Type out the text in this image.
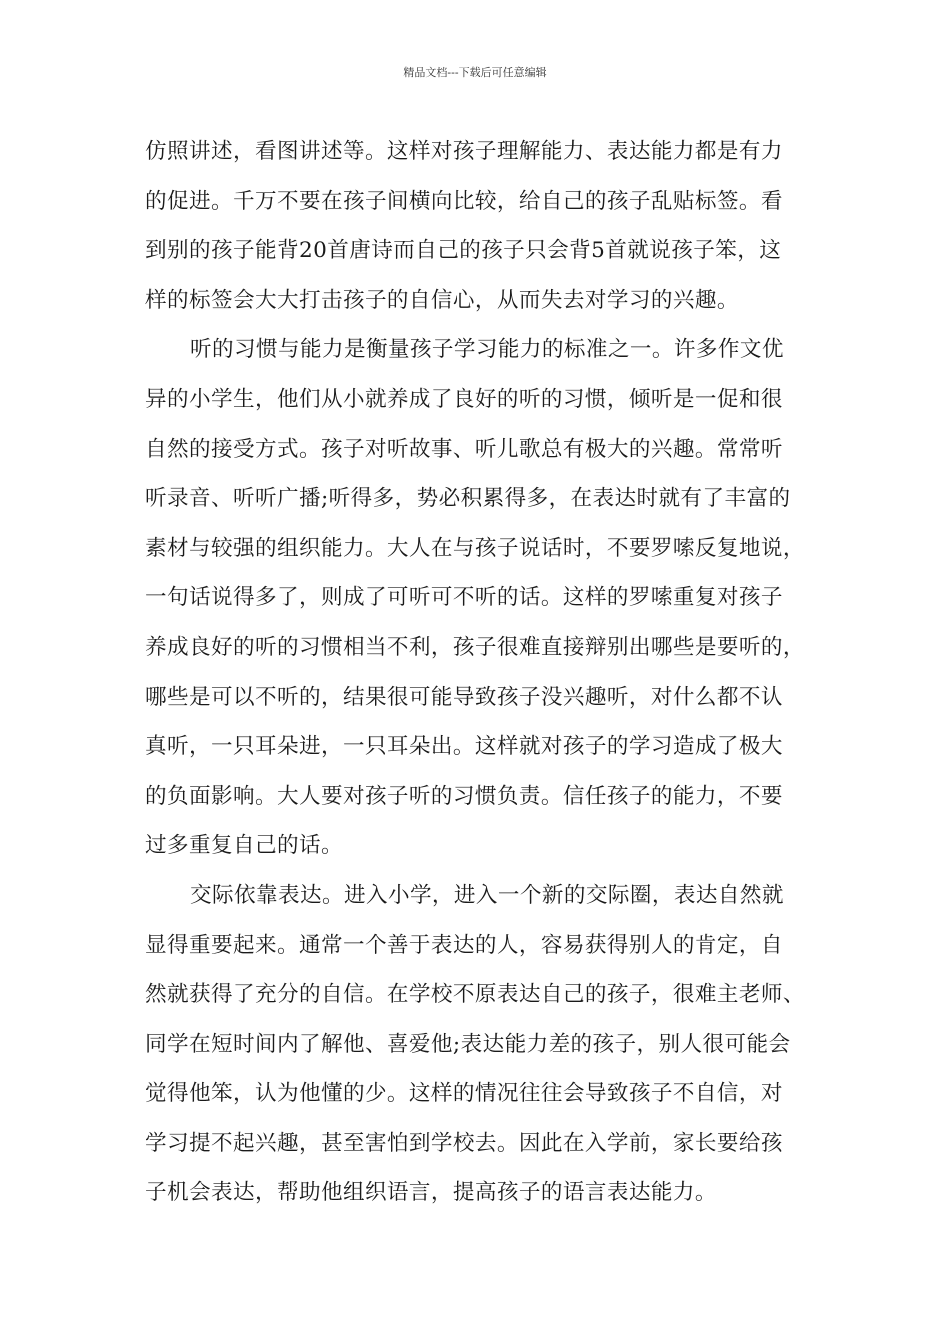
精品文档---下载后可任意编辑
仿照讲述，看图讲述等。这样对孩子理解能力、表达能力都是有力
的促进。千万不要在孩子间横向比较，给自己的孩子乱贴标签。看
到别的孩子能背20首唐诗而自己的孩子只会背5首就说孩子笨，这
样的标签会大大打击孩子的自信心，从而失去对学习的兴趣。
听的习惯与能力是衡量孩子学习能力的标准之一。许多作文优
异的小学生，他们从小就养成了良好的听的习惯，倾听是一促和很
自然的接受方式。孩子对听故事、听儿歌总有极大的兴趣。常常听
听录音、听听广播;听得多，势必积累得多，在表达时就有了丰富的
素材与较强的组织能力。大人在与孩子说话时，不要罗嗦反复地说，
一句话说得多了，则成了可听可不听的话。这样的罗嗦重复对孩子
养成良好的听的习惯相当不利，孩子很难直接辩别出哪些是要听的，
哪些是可以不听的，结果很可能导致孩子没兴趣听，对什么都不认
真听，一只耳朵进，一只耳朵出。这样就对孩子的学习造成了极大
的负面影响。大人要对孩子听的习惯负责。信任孩子的能力，不要
过多重复自己的话。
交际依靠表达。进入小学，进入一个新的交际圈，表达自然就
显得重要起来。通常一个善于表达的人，容易获得别人的肯定，自
然就获得了充分的自信。在学校不原表达自己的孩子，很难主老师、
同学在短时间内了解他、喜爱他;表达能力差的孩子，别人很可能会
觉得他笨，认为他懂的少。这样的情况往往会导致孩子不自信，对
学习提不起兴趣，甚至害怕到学校去。因此在入学前，家长要给孩
子机会表达，帮助他组织语言，提高孩子的语言表达能力。
